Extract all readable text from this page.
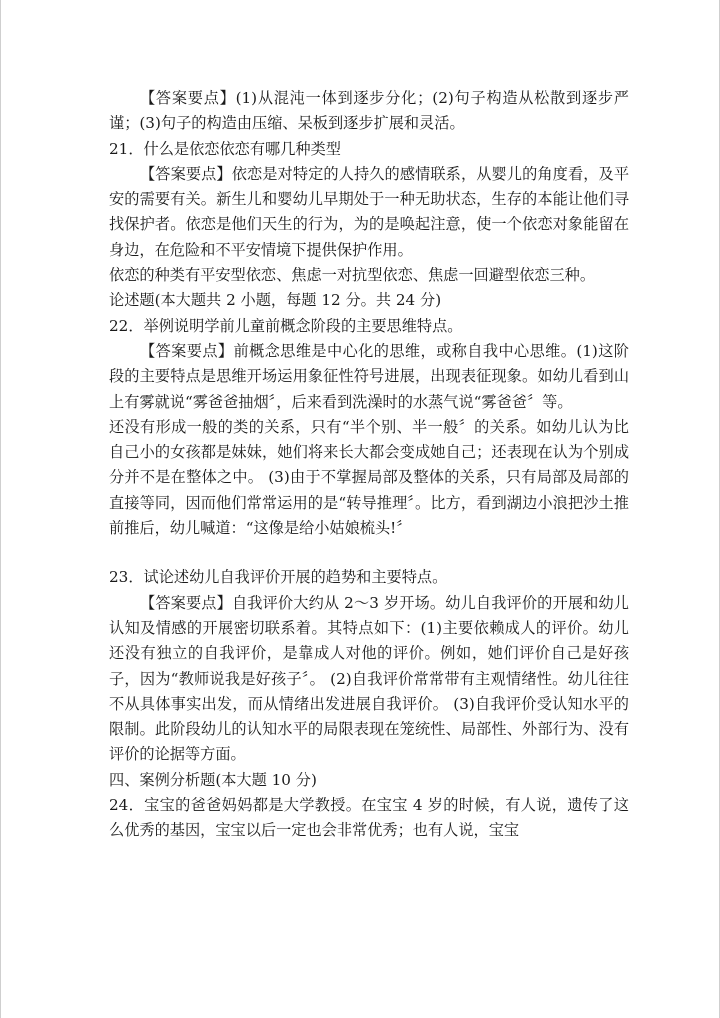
【答案要点】(1)从混沌一体到逐步分化；(2)句子构造从松散到逐步严谨；(3)句子的构造由压缩、呆板到逐步扩展和灵活。

21．什么是依恋依恋有哪几种类型

【答案要点】依恋是对特定的人持久的感情联系，从婴儿的角度看，及平安的需要有关。新生儿和婴幼儿早期处于一种无助状态，生存的本能让他们寻找保护者。依恋是他们天生的行为，为的是唤起注意，使一个依恋对象能留在身边，在危险和不平安情境下提供保护作用。

依恋的种类有平安型依恋、焦虑一对抗型依恋、焦虑一回避型依恋三种。

论述题(本大题共 2 小题，每题 12 分。共 24 分)

22．举例说明学前儿童前概念阶段的主要思维特点。

【答案要点】前概念思维是中心化的思维，或称自我中心思维。(1)这阶段的主要特点是思维开场运用象征性符号进展，出现表征现象。如幼儿看到山上有雾就说“雾爸爸抽烟〞，后来看到洗澡时的水蒸气说“雾爸爸〞等。

还没有形成一般的类的关系，只有“半个别、半一般〞的关系。如幼儿认为比自己小的女孩都是妹妹，她们将来长大都会变成她自己；还表现在认为个别成分并不是在整体之中。 (3)由于不掌握局部及整体的关系，只有局部及局部的直接等同，因而他们常常运用的是“转导推理〞。比方，看到湖边小浪把沙土推前推后，幼儿喊道：“这像是给小姑娘梳头!〞

23．试论述幼儿自我评价开展的趋势和主要特点。

【答案要点】自我评价大约从 2～3 岁开场。幼儿自我评价的开展和幼儿认知及情感的开展密切联系着。其特点如下：(1)主要依赖成人的评价。幼儿还没有独立的自我评价，是靠成人对他的评价。例如，她们评价自己是好孩子，因为“教师说我是好孩子〞。 (2)自我评价常常带有主观情绪性。幼儿往往不从具体事实出发，而从情绪出发进展自我评价。 (3)自我评价受认知水平的限制。此阶段幼儿的认知水平的局限表现在笼统性、局部性、外部行为、没有评价的论据等方面。

四、案例分析题(本大题 10 分)

24．宝宝的爸爸妈妈都是大学教授。在宝宝 4 岁的时候，有人说，遗传了这么优秀的基因，宝宝以后一定也会非常优秀；也有人说，宝宝
